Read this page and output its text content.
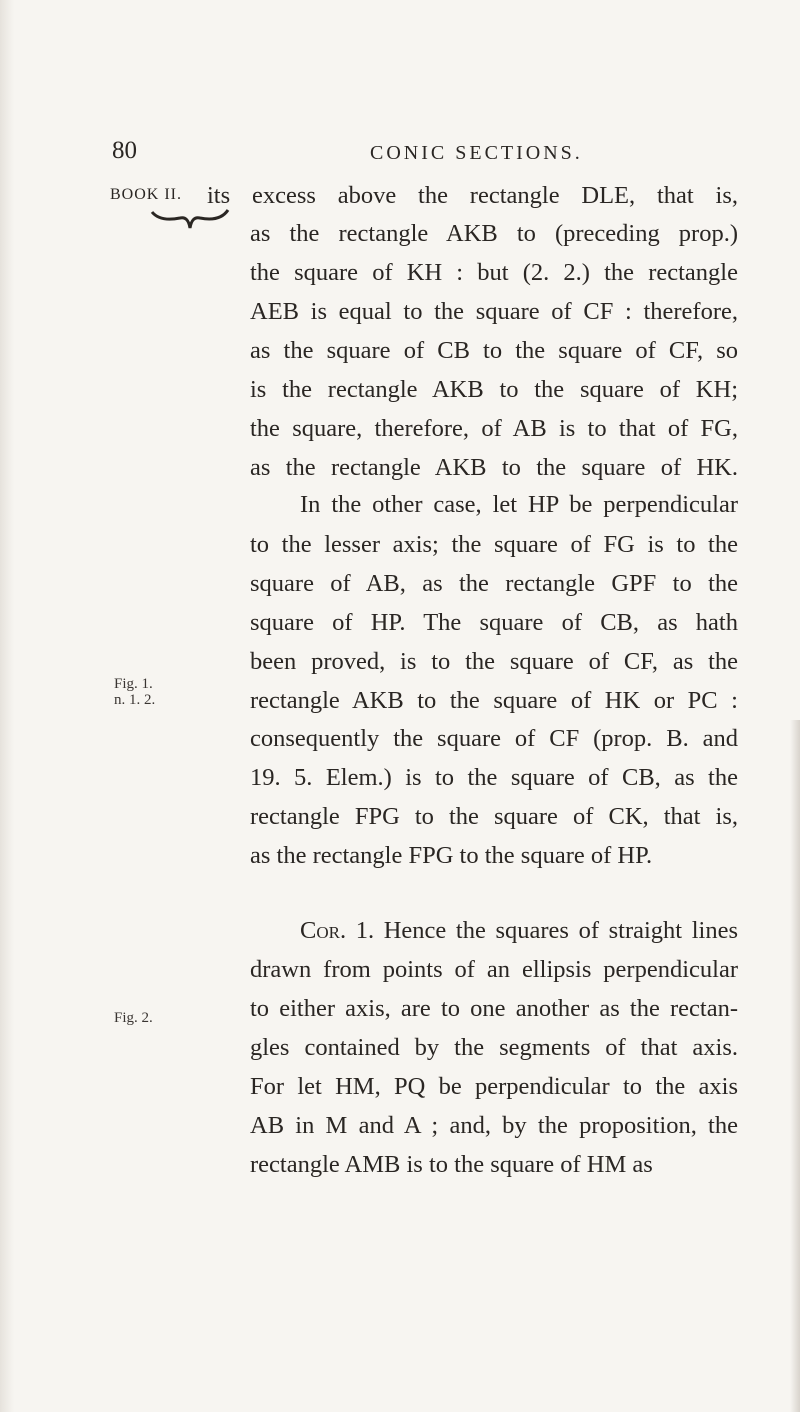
80	CONIC SECTIONS.
BOOK II.
Fig. 1.
n. 1. 2.
Fig. 2.
its excess above the rectangle DLE, that is,
as the rectangle AKB to (preceding prop.)
the square of KH : but (2. 2.) the rectangle
AEB is equal to the square of CF : therefore,
as the square of CB to the square of CF, so
is the rectangle AKB to the square of KH;
the square, therefore, of AB is to that of FG,
as the rectangle AKB to the square of HK.
In the other case, let HP be perpendicular
to the lesser axis; the square of FG is to the
square of AB, as the rectangle GPF to the
square of HP. The square of CB, as hath
been proved, is to the square of CF, as the
rectangle AKB to the square of HK or PC :
consequently the square of CF (prop. B. and
19. 5. Elem.) is to the square of CB, as the
rectangle FPG to the square of CK, that is,
as the rectangle FPG to the square of HP.
Cor. 1. Hence the squares of straight lines
drawn from points of an ellipsis perpendicular
to either axis, are to one another as the rectan-
gles contained by the segments of that axis.
For let HM, PQ be perpendicular to the axis
AB in M and A ; and, by the proposition, the
rectangle AMB is to the square of HM as
